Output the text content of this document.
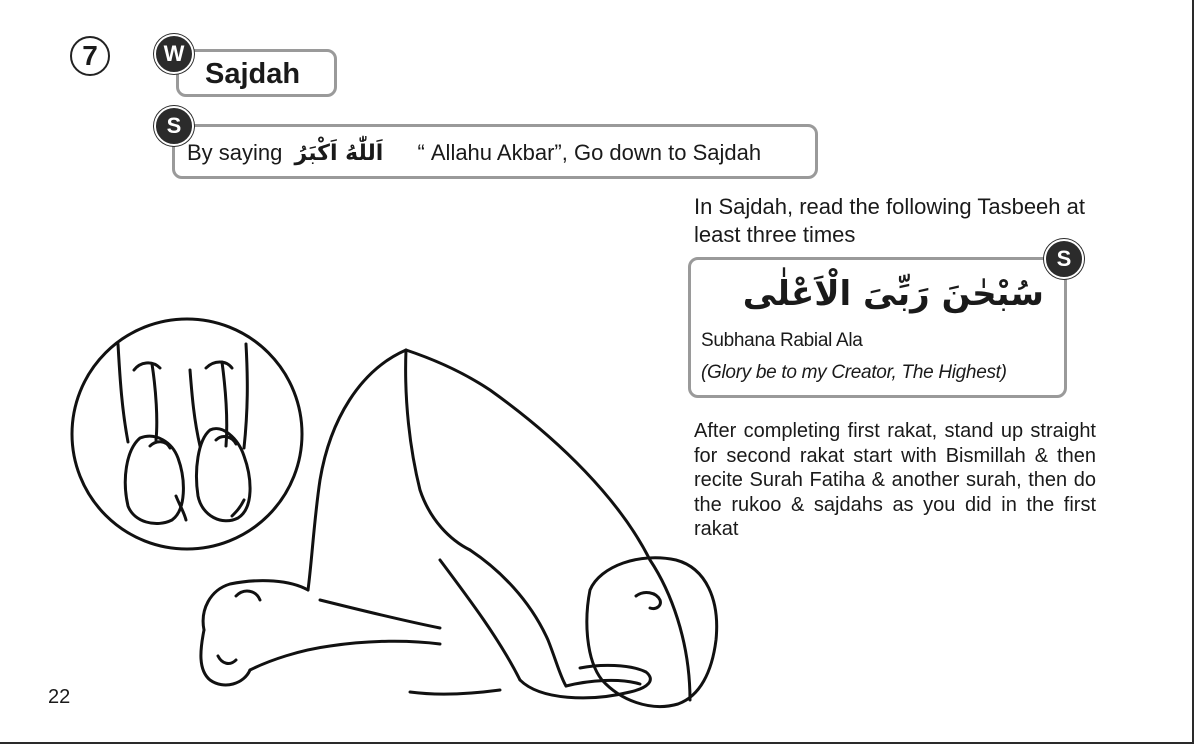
7	W
Sajdah
S
By saying اَللّٰهُ اَكْبَرُ “ Allahu Akbar”, Go down to Sajdah

In Sajdah, read the following Tasbeeh at least three times

S
سُبْحٰنَ رَبِّىَ الْاَعْلٰى
Subhana Rabial Ala
(Glory be to my Creator, The Highest)

After completing first rakat, stand up straight for second rakat start with Bismillah & then recite Surah Fatiha & another surah, then do the rukoo & sajdahs as you did in the first rakat

22
